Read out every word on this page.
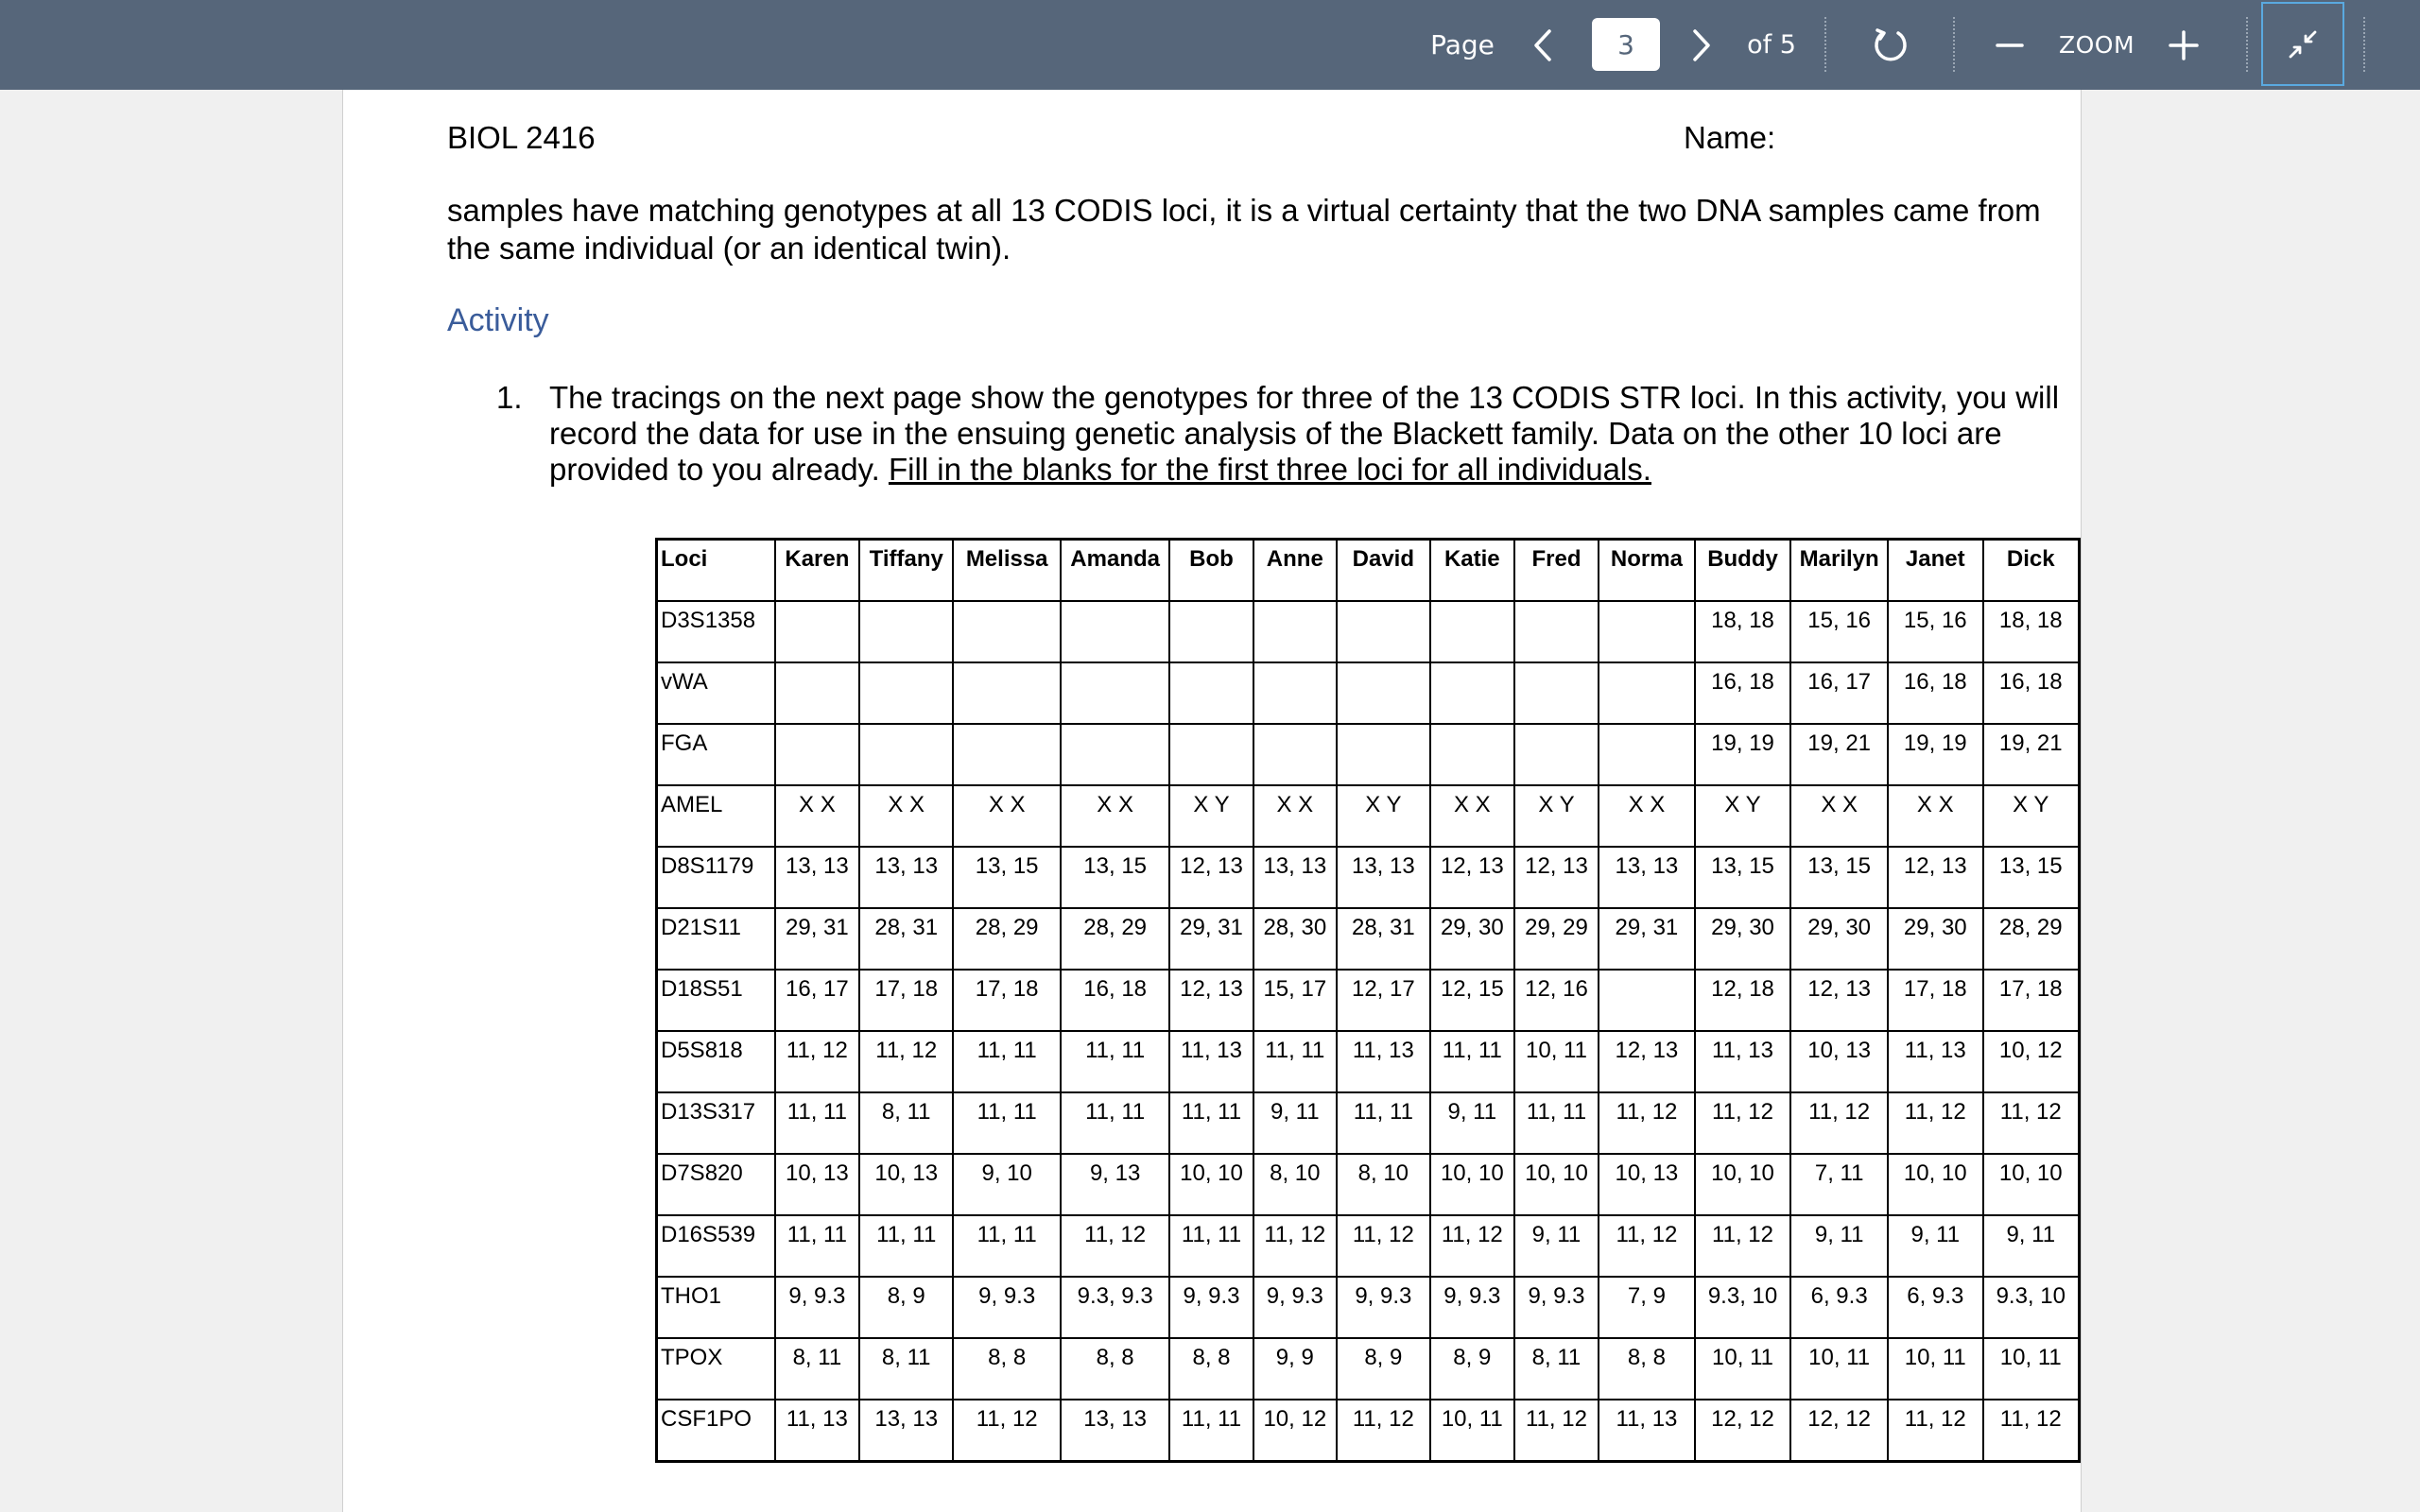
Page	3	of 5	ZOOM
BIOL 2416	Name:
samples have matching genotypes at all 13 CODIS loci, it is a virtual certainty that the two DNA samples came from the same individual (or an identical twin).
Activity
1. The tracings on the next page show the genotypes for three of the 13 CODIS STR loci. In this activity, you will record the data for use in the ensuing genetic analysis of the Blackett family. Data on the other 10 loci are provided to you already. Fill in the blanks for the first three loci for all individuals.
Loci	Karen	Tiffany	Melissa	Amanda	Bob	Anne	David	Katie	Fred	Norma	Buddy	Marilyn	Janet	Dick
D3S1358											18, 18	15, 16	15, 16	18, 18
vWA											16, 18	16, 17	16, 18	16, 18
FGA											19, 19	19, 21	19, 19	19, 21
AMEL	X X	X X	X X	X X	X Y	X X	X Y	X X	X Y	X X	X Y	X X	X X	X Y
D8S1179	13, 13	13, 13	13, 15	13, 15	12, 13	13, 13	13, 13	12, 13	12, 13	13, 13	13, 15	13, 15	12, 13	13, 15
D21S11	29, 31	28, 31	28, 29	28, 29	29, 31	28, 30	28, 31	29, 30	29, 29	29, 31	29, 30	29, 30	29, 30	28, 29
D18S51	16, 17	17, 18	17, 18	16, 18	12, 13	15, 17	12, 17	12, 15	12, 16		12, 18	12, 13	17, 18	17, 18
D5S818	11, 12	11, 12	11, 11	11, 11	11, 13	11, 11	11, 13	11, 11	10, 11	12, 13	11, 13	10, 13	11, 13	10, 12
D13S317	11, 11	8, 11	11, 11	11, 11	11, 11	9, 11	11, 11	9, 11	11, 11	11, 12	11, 12	11, 12	11, 12	11, 12
D7S820	10, 13	10, 13	9, 10	9, 13	10, 10	8, 10	8, 10	10, 10	10, 10	10, 13	10, 10	7, 11	10, 10	10, 10
D16S539	11, 11	11, 11	11, 11	11, 12	11, 11	11, 12	11, 12	11, 12	9, 11	11, 12	11, 12	9, 11	9, 11	9, 11
THO1	9, 9.3	8, 9	9, 9.3	9.3, 9.3	9, 9.3	9, 9.3	9, 9.3	9, 9.3	9, 9.3	7, 9	9.3, 10	6, 9.3	6, 9.3	9.3, 10
TPOX	8, 11	8, 11	8, 8	8, 8	8, 8	9, 9	8, 9	8, 9	8, 11	8, 8	10, 11	10, 11	10, 11	10, 11
CSF1PO	11, 13	13, 13	11, 12	13, 13	11, 11	10, 12	11, 12	10, 11	11, 12	11, 13	12, 12	12, 12	11, 12	11, 12
